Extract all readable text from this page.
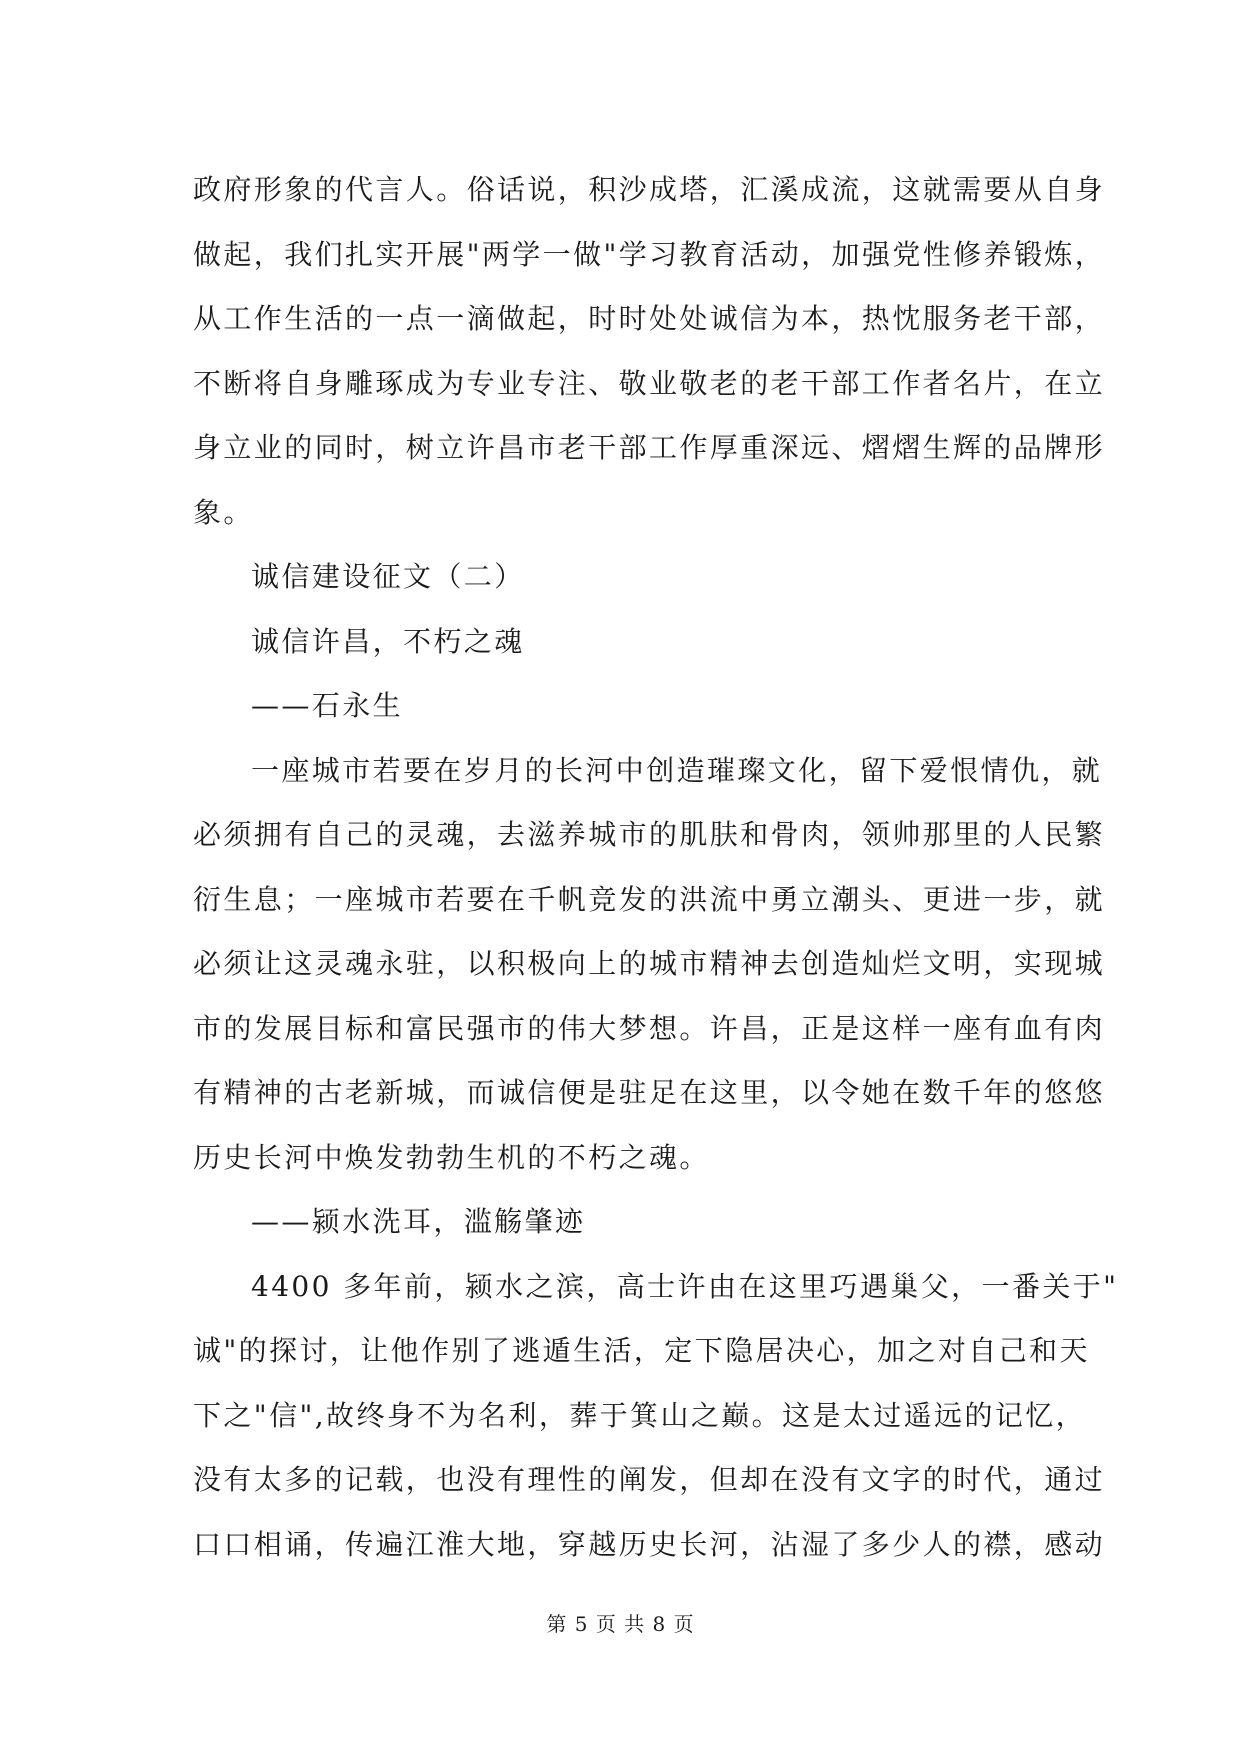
政府形象的代言人。俗话说，积沙成塔，汇溪成流，这就需要从自身
做起，我们扎实开展"两学一做"学习教育活动，加强党性修养锻炼，
从工作生活的一点一滴做起，时时处处诚信为本，热忱服务老干部，
不断将自身雕琢成为专业专注、敬业敬老的老干部工作者名片，在立
身立业的同时，树立许昌市老干部工作厚重深远、熠熠生辉的品牌形
象。
诚信建设征文（二）
诚信许昌，不朽之魂
——石永生
一座城市若要在岁月的长河中创造璀璨文化，留下爱恨情仇，就
必须拥有自己的灵魂，去滋养城市的肌肤和骨肉，领帅那里的人民繁
衍生息；一座城市若要在千帆竞发的洪流中勇立潮头、更进一步，就
必须让这灵魂永驻，以积极向上的城市精神去创造灿烂文明，实现城
市的发展目标和富民强市的伟大梦想。许昌，正是这样一座有血有肉
有精神的古老新城，而诚信便是驻足在这里，以令她在数千年的悠悠
历史长河中焕发勃勃生机的不朽之魂。
——颍水洗耳，滥觞肇迹
4400 多年前，颍水之滨，高士许由在这里巧遇巢父，一番关于"
诚"的探讨，让他作别了逃遁生活，定下隐居决心，加之对自己和天
下之"信",故终身不为名利，葬于箕山之巅。这是太过遥远的记忆，
没有太多的记载，也没有理性的阐发，但却在没有文字的时代，通过
口口相诵，传遍江淮大地，穿越历史长河，沾湿了多少人的襟，感动
第 5 页 共 8 页
